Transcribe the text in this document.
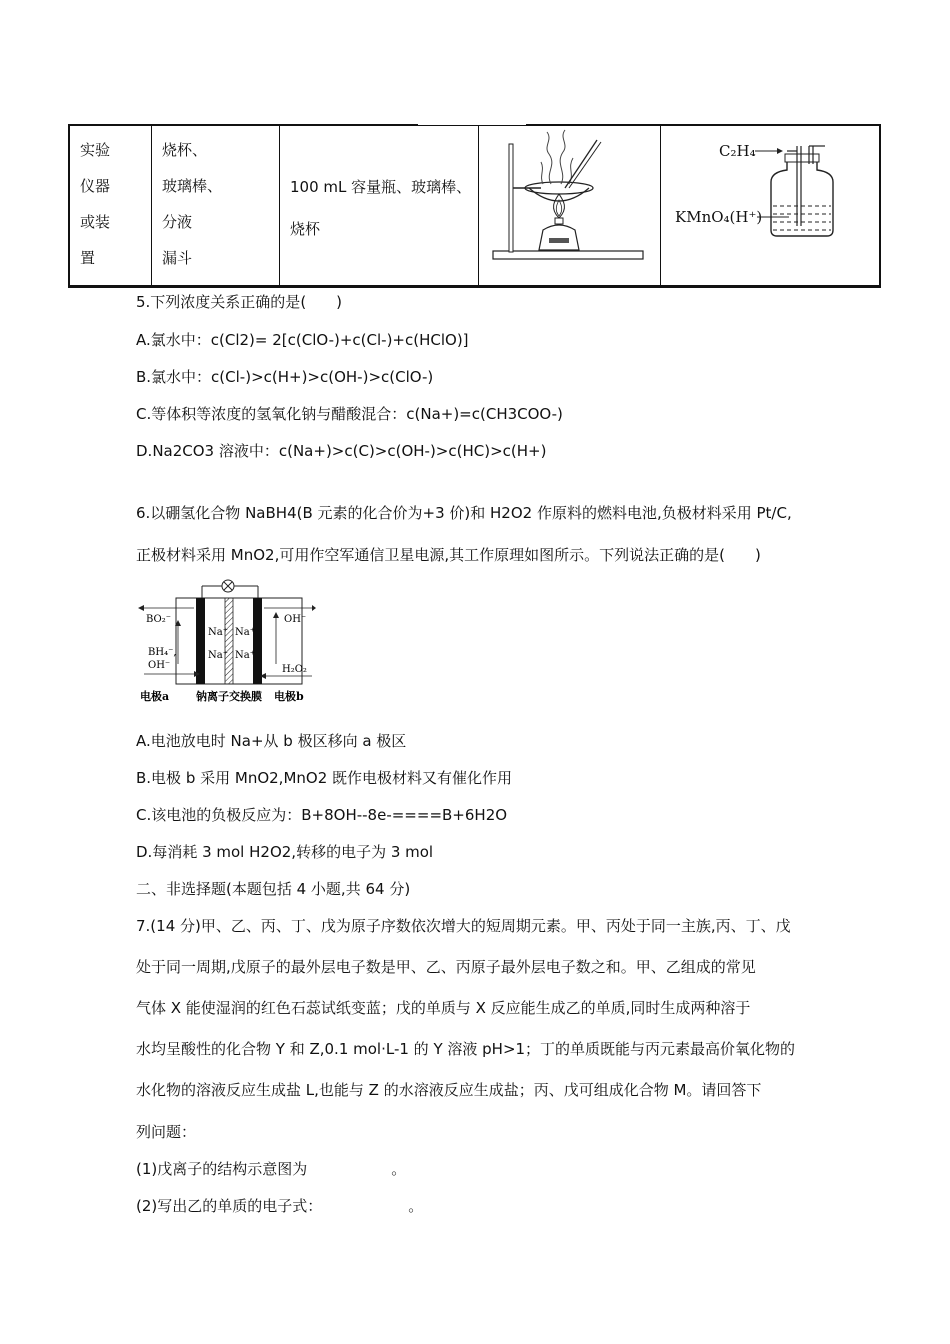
实验
仪器
或装
置
烧杯、
玻璃棒、
分液
漏斗
100 mL 容量瓶、玻璃棒、
烧杯
C₂H₄
KMnO₄(H⁺)
5.下列浓度关系正确的是(　　)
A.氯水中：c(Cl2)= 2[c(ClO-)+c(Cl-)+c(HClO)]
B.氯水中：c(Cl-)>c(H+)>c(OH-)>c(ClO-)
C.等体积等浓度的氢氧化钠与醋酸混合：c(Na+)=c(CH3COO-)
D.Na2CO3 溶液中：c(Na+)>c(C)>c(OH-)>c(HC)>c(H+)
6.以硼氢化合物 NaBH4(B 元素的化合价为+3 价)和 H2O2 作原料的燃料电池,负极材料采用 Pt/C,
正极材料采用 MnO2,可用作空军通信卫星电源,其工作原理如图所示。下列说法正确的是(　　)
Na⁺
Na⁺
Na⁺
Na⁺
BO₂⁻
BH₄⁻,
OH⁻
OH⁻
H₂O₂
电极a 钠离子交换膜 电极b
A.电池放电时 Na+从 b 极区移向 a 极区
B.电极 b 采用 MnO2,MnO2 既作电极材料又有催化作用
C.该电池的负极反应为：B+8OH--8e-====B+6H2O
D.每消耗 3 mol H2O2,转移的电子为 3 mol
二、非选择题(本题包括 4 小题,共 64 分)
7.(14 分)甲、乙、丙、丁、戊为原子序数依次增大的短周期元素。甲、丙处于同一主族,丙、丁、戊
处于同一周期,戊原子的最外层电子数是甲、乙、丙原子最外层电子数之和。甲、乙组成的常见
气体 X 能使湿润的红色石蕊试纸变蓝；戊的单质与 X 反应能生成乙的单质,同时生成两种溶于
水均呈酸性的化合物 Y 和 Z,0.1 mol·L-1 的 Y 溶液 pH>1；丁的单质既能与丙元素最高价氧化物的
水化物的溶液反应生成盐 L,也能与 Z 的水溶液反应生成盐；丙、戊可组成化合物 M。请回答下
列问题：
(1)戊离子的结构示意图为	。
(2)写出乙的单质的电子式：	。
